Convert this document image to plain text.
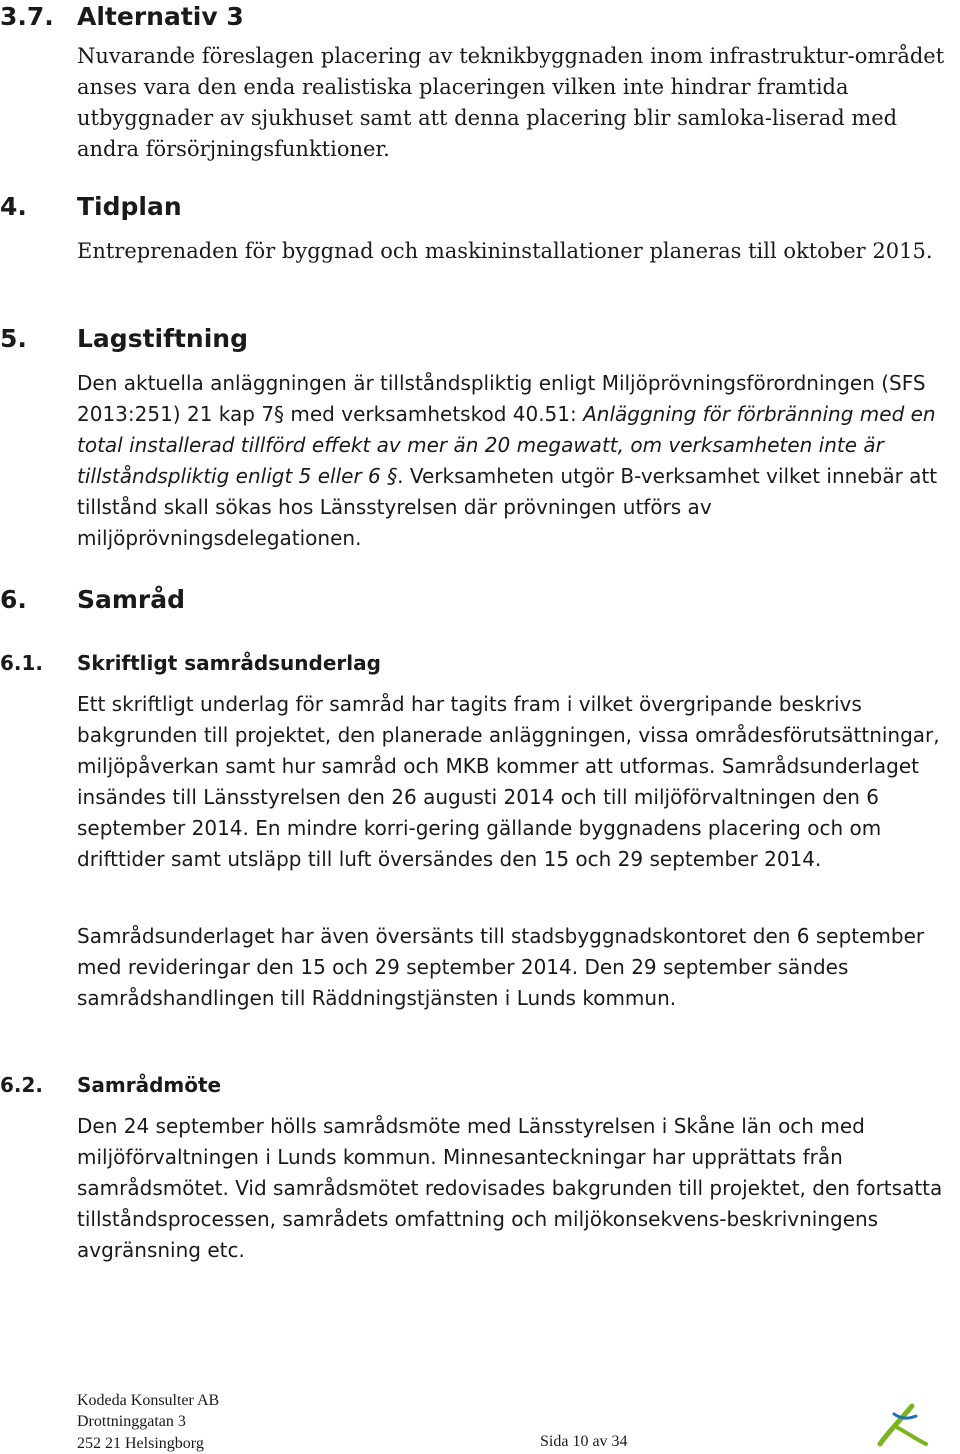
3.7. Alternativ 3
Nuvarande föreslagen placering av teknikbyggnaden inom infrastruktur-området anses vara den enda realistiska placeringen vilken inte hindrar framtida utbyggnader av sjukhuset samt att denna placering blir samloka-liserad med andra försörjningsfunktioner.
4. Tidplan
Entreprenaden för byggnad och maskininstallationer planeras till oktober 2015.
5. Lagstiftning
Den aktuella anläggningen är tillståndspliktig enligt Miljöprövningsförordningen (SFS 2013:251) 21 kap 7§ med verksamhetskod 40.51: Anläggning för förbränning med en total installerad tillförd effekt av mer än 20 megawatt, om verksamheten inte är tillståndspliktig enligt 5 eller 6 §. Verksamheten utgör B-verksamhet vilket innebär att tillstånd skall sökas hos Länsstyrelsen där prövningen utförs av miljöprövningsdelegationen.
6. Samråd
6.1. Skriftligt samrådsunderlag
Ett skriftligt underlag för samråd har tagits fram i vilket övergripande beskrivs bakgrunden till projektet, den planerade anläggningen, vissa områdesförutsättningar, miljöpåverkan samt hur samråd och MKB kommer att utformas. Samrådsunderlaget insändes till Länsstyrelsen den 26 augusti 2014 och till miljöförvaltningen den 6 september 2014. En mindre korri-gering gällande byggnadens placering och om drifttider samt utsläpp till luft översändes den 15 och 29 september 2014.
Samrådsunderlaget har även översänts till stadsbyggnadskontoret den 6 september med revideringar den 15 och 29 september 2014. Den 29 september sändes samrådshandlingen till Räddningstjänsten i Lunds kommun.
6.2. Samrådmöte
Den 24 september hölls samrådsmöte med Länsstyrelsen i Skåne län och med miljöförvaltningen i Lunds kommun. Minnesanteckningar har upprättats från samrådsmötet. Vid samrådsmötet redovisades bakgrunden till projektet, den fortsatta tillståndsprocessen, samrådets omfattning och miljökonsekvens-beskrivningens avgränsning etc.
Kodeda Konsulter AB
Drottninggatan 3
252 21 Helsingborg	Sida 10 av 34
